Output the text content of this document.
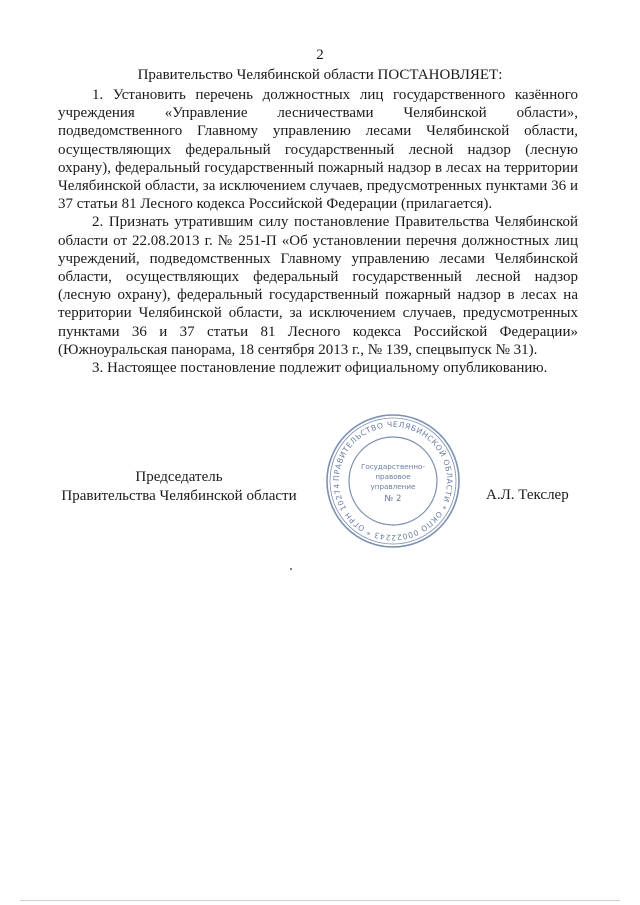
2
Правительство Челябинской области ПОСТАНОВЛЯЕТ:

1. Установить перечень должностных лиц государственного казённого учреждения «Управление лесничествами Челябинской области», подведомственного Главному управлению лесами Челябинской области, осуществляющих федеральный государственный лесной надзор (лесную охрану), федеральный государственный пожарный надзор в лесах на территории Челябинской области, за исключением случаев, предусмотренных пунктами 36 и 37 статьи 81 Лесного кодекса Российской Федерации (прилагается).

2. Признать утратившим силу постановление Правительства Челябинской области от 22.08.2013 г. № 251-П «Об установлении перечня должностных лиц учреждений, подведомственных Главному управлению лесами Челябинской области, осуществляющих федеральный государственный лесной надзор (лесную охрану), федеральный государственный пожарный надзор в лесах на территории Челябинской области, за исключением случаев, предусмотренных пунктами 36 и 37 статьи 81 Лесного кодекса Российской Федерации» (Южноуральская панорама, 18 сентября 2013 г., № 139, спецвыпуск № 31).

3. Настоящее постановление подлежит официальному опубликованию.

Председатель
Правительства Челябинской области	А.Л. Текслер
ПРАВИТЕЛЬСТВО ЧЕЛЯБИНСКОЙ ОБЛАСТИ * ОКПО 00022243 * ОГРН 10274
Государственно-
правовое
управление
№ 2
